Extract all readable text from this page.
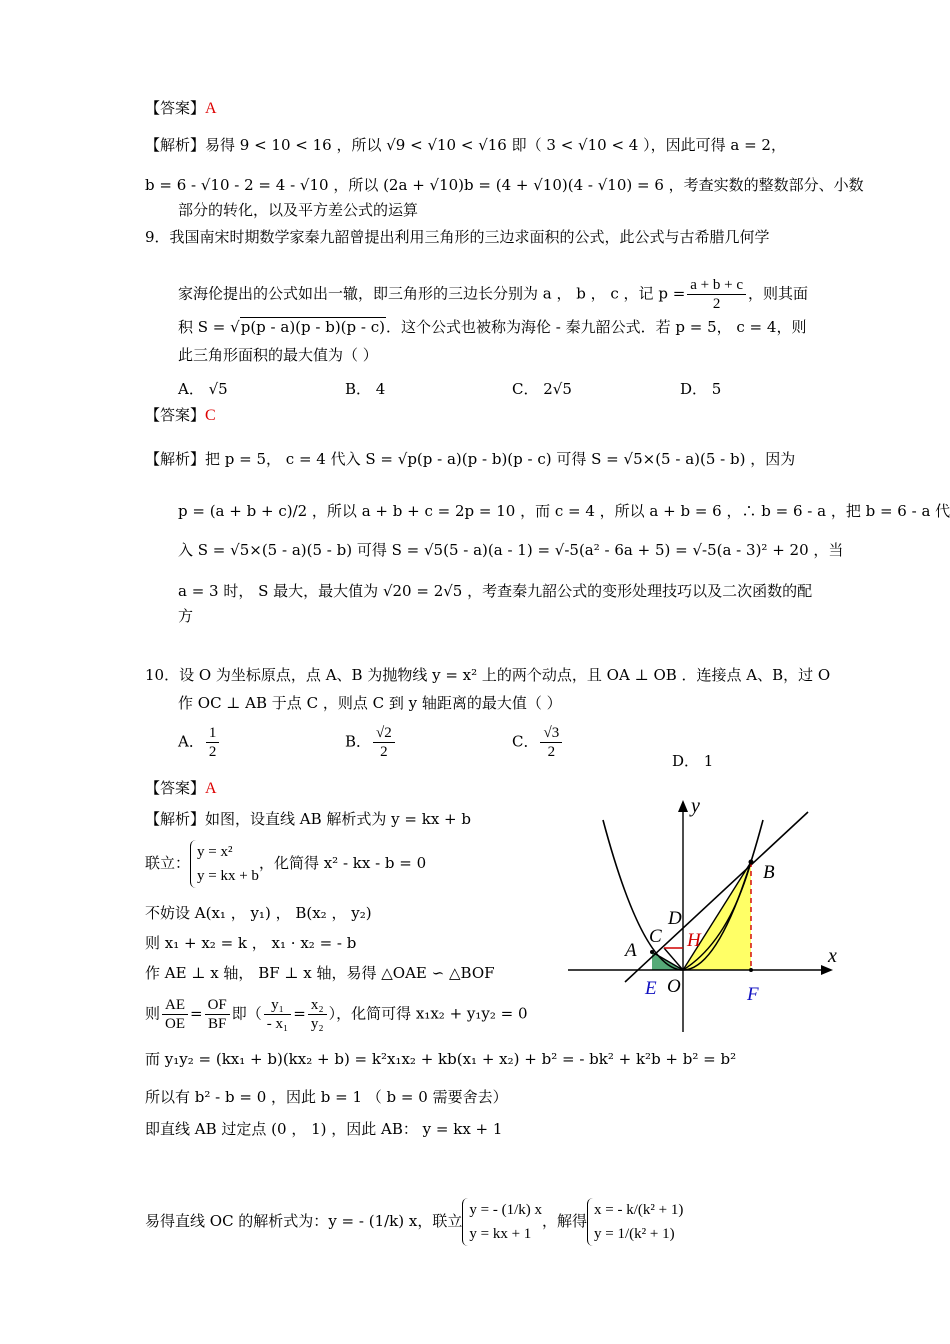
【答案】A
【解析】易得 9 < 10 < 16 ，所以 √9 < √10 < √16 即（ 3 < √10 < 4 ），因此可得 a = 2，
b = 6 - √10 - 2 = 4 - √10 ，所以 (2a + √10)b = (4 + √10)(4 - √10) = 6 ，考查实数的整数部分、小数
部分的转化，以及平方差公式的运算
9．我国南宋时期数学家秦九韶曾提出利用三角形的三边求面积的公式，此公式与古希腊几何学
家海伦提出的公式如出一辙，即三角形的三边长分别为 a ， b ， c ，记 $p = \frac{a + b + c}{2}$ ，则其面
积 S = √p(p - a)(p - b)(p - c)．这个公式也被称为海伦 - 秦九韶公式．若 p = 5， c = 4，则
此三角形面积的最大值为（ ）
A． √5	B． 4	C． 2√5	D． 5
【答案】C
【解析】把 p = 5， c = 4 代入 S = √p(p - a)(p - b)(p - c) 可得 S = √5×(5 - a)(5 - b) ，因为
p = (a + b + c)/2 ，所以 a + b + c = 2p = 10 ，而 c = 4 ，所以 a + b = 6 ，∴ b = 6 - a ，把 b = 6 - a 代
入 S = √5×(5 - a)(5 - b) 可得 S = √5(5 - a)(a - 1) = √-5(a² - 6a + 5) = √-5(a - 3)² + 20 ，当
a = 3 时， S 最大，最大值为 √20 = 2√5 ，考查秦九韶公式的变形处理技巧以及二次函数的配
方
10．设 O 为坐标原点，点 A、B 为抛物线 y = x² 上的两个动点，且 OA ⊥ OB ．连接点 A、B，过 O
作 OC ⊥ AB 于点 C ，则点 C 到 y 轴距离的最大值（ ）
A． $\frac{1}{2}$	B． $\frac{√2}{2}$	C． $\frac{√3}{2}$	D． 1
【答案】A
【解析】如图，设直线 AB 解析式为 y = kx + b
联立：y = x²
y = kx + b，化简得 x² - kx - b = 0
不妨设 A(x₁ ， y₁) ， B(x₂ ， y₂)
则 x₁ + x₂ = k ， x₁ · x₂ = - b
作 AE ⊥ x 轴， BF ⊥ x 轴，易得 △OAE ∽ △BOF
则 $\frac{AE}{OE} = \frac{OF}{BF}$ 即（ $\frac{\text{y₁}}{\text{- x₁}} = \frac{\text{x₂}}{\text{y₂}}$ ），化简可得 x₁x₂ + y₁y₂ = 0
而 y₁y₂ = (kx₁ + b)(kx₂ + b) = k²x₁x₂ + kb(x₁ + x₂) + b² = - bk² + k²b + b² = b²
所以有 b² - b = 0 ，因此 b = 1 （ b = 0 需要舍去）
即直线 AB 过定点 (0 ， 1) ，因此 AB： y = kx + 1
易得直线 OC 的解析式为：y = - (1/k) x，联立y = - (1/k) x
y = kx + 1，解得x = - k/(k² + 1)
y = 1/(k² + 1)
y
x
B
D
C H
A
E O	F
